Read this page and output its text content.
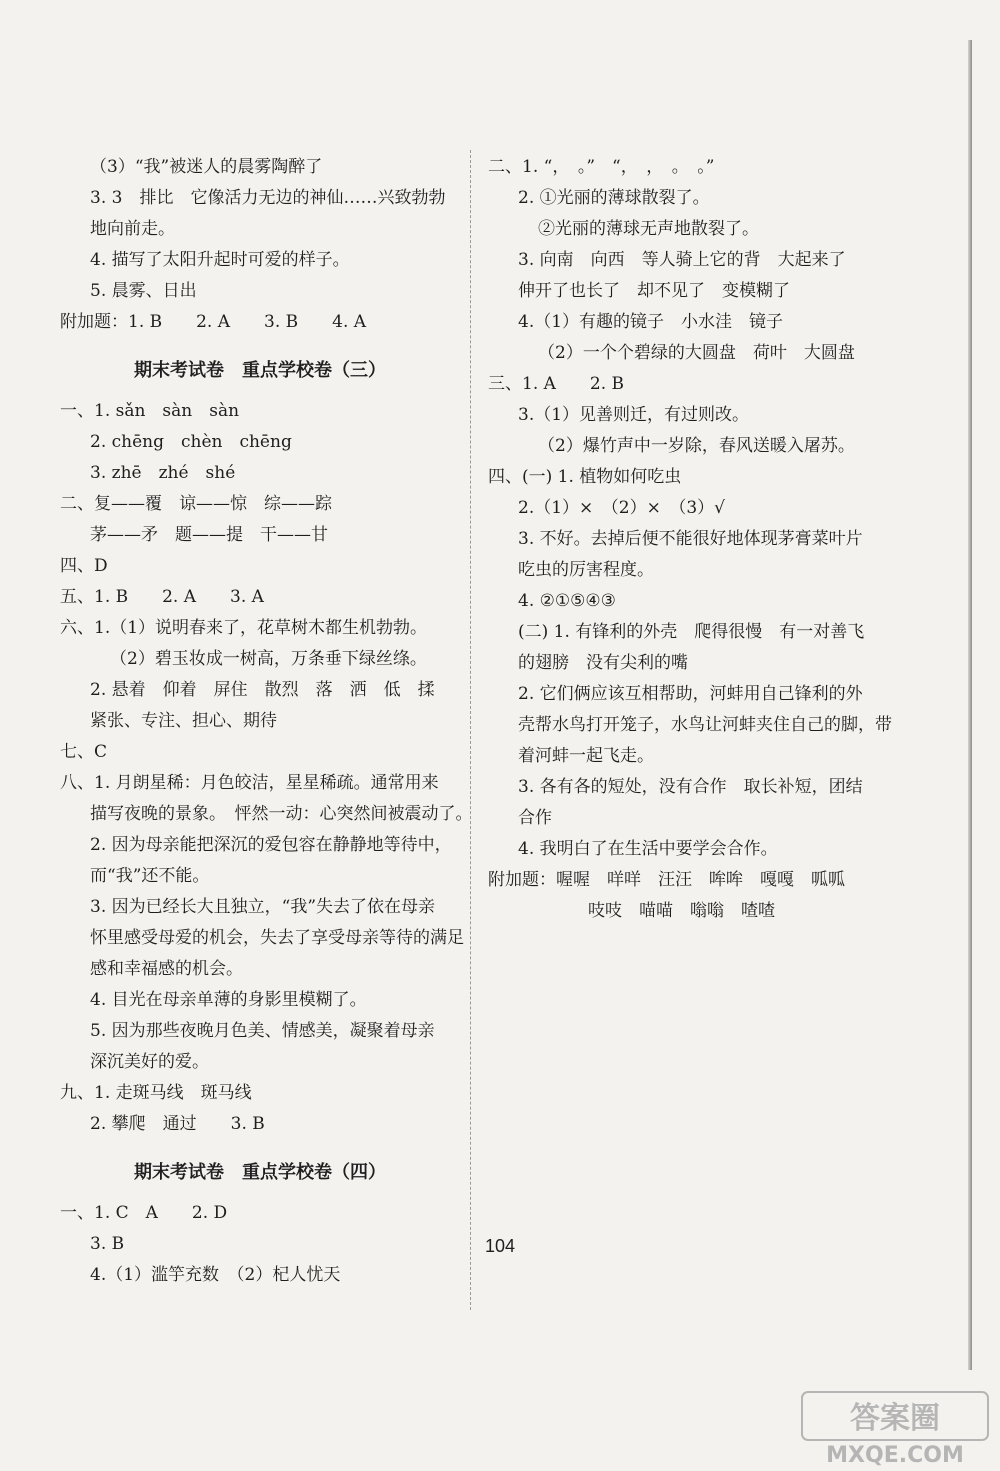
（3）“我”被迷人的晨雾陶醉了
3. 3　排比　它像活力无边的神仙……兴致勃勃
地向前走。
4. 描写了太阳升起时可爱的样子。
5. 晨雾、日出
附加题：1. B　　2. A　　3. B　　4. A
期末考试卷　重点学校卷（三）
一、1. sǎn　sàn　sàn
2. chēng　chèn　chēng
3. zhē　zhé　shé
二、复——覆　谅——惊　综——踪
茅——矛　题——提　干——甘
四、D
五、1. B　　2. A　　3. A
六、1.（1）说明春来了，花草树木都生机勃勃。
（2）碧玉妆成一树高，万条垂下绿丝绦。
2. 悬着　仰着　屏住　散烈　落　洒　低　揉
紧张、专注、担心、期待
七、C
八、1. 月朗星稀：月色皎洁，星星稀疏。通常用来
描写夜晚的景象。　怦然一动：心突然间被震动了。
2. 因为母亲能把深沉的爱包容在静静地等待中，
而“我”还不能。
3. 因为已经长大且独立，“我”失去了依在母亲
怀里感受母爱的机会，失去了享受母亲等待的满足
感和幸福感的机会。
4. 目光在母亲单薄的身影里模糊了。
5. 因为那些夜晚月色美、情感美，凝聚着母亲
深沉美好的爱。
九、1. 走斑马线　斑马线
2. 攀爬　通过　　3. B
期末考试卷　重点学校卷（四）
一、1. C　A　　2. D
3. B
4.（1）滥竽充数　（2）杞人忧天
二、1. “，　。”　“，　，　。　。”
2. ①光丽的薄球散裂了。
②光丽的薄球无声地散裂了。
3. 向南　向西　等人骑上它的背　大起来了
伸开了也长了　却不见了　变模糊了
4.（1）有趣的镜子　小水洼　镜子
（2）一个个碧绿的大圆盘　荷叶　大圆盘
三、1. A　　2. B
3.（1）见善则迁，有过则改。
（2）爆竹声中一岁除，春风送暖入屠苏。
四、(一) 1. 植物如何吃虫
2.（1）×　（2）×　（3）√
3. 不好。去掉后便不能很好地体现茅膏菜叶片
吃虫的厉害程度。
4. ②①⑤④③
(二) 1. 有锋利的外壳　爬得很慢　有一对善飞
的翅膀　没有尖利的嘴
2. 它们俩应该互相帮助，河蚌用自己锋利的外
壳帮水鸟打开笼子，水鸟让河蚌夹住自己的脚，带
着河蚌一起飞走。
3. 各有各的短处，没有合作　取长补短，团结
合作
4. 我明白了在生活中要学会合作。
附加题：喔喔　咩咩　汪汪　哞哞　嘎嘎　呱呱
吱吱　喵喵　嗡嗡　喳喳
104
答案圈
MXQE.COM
